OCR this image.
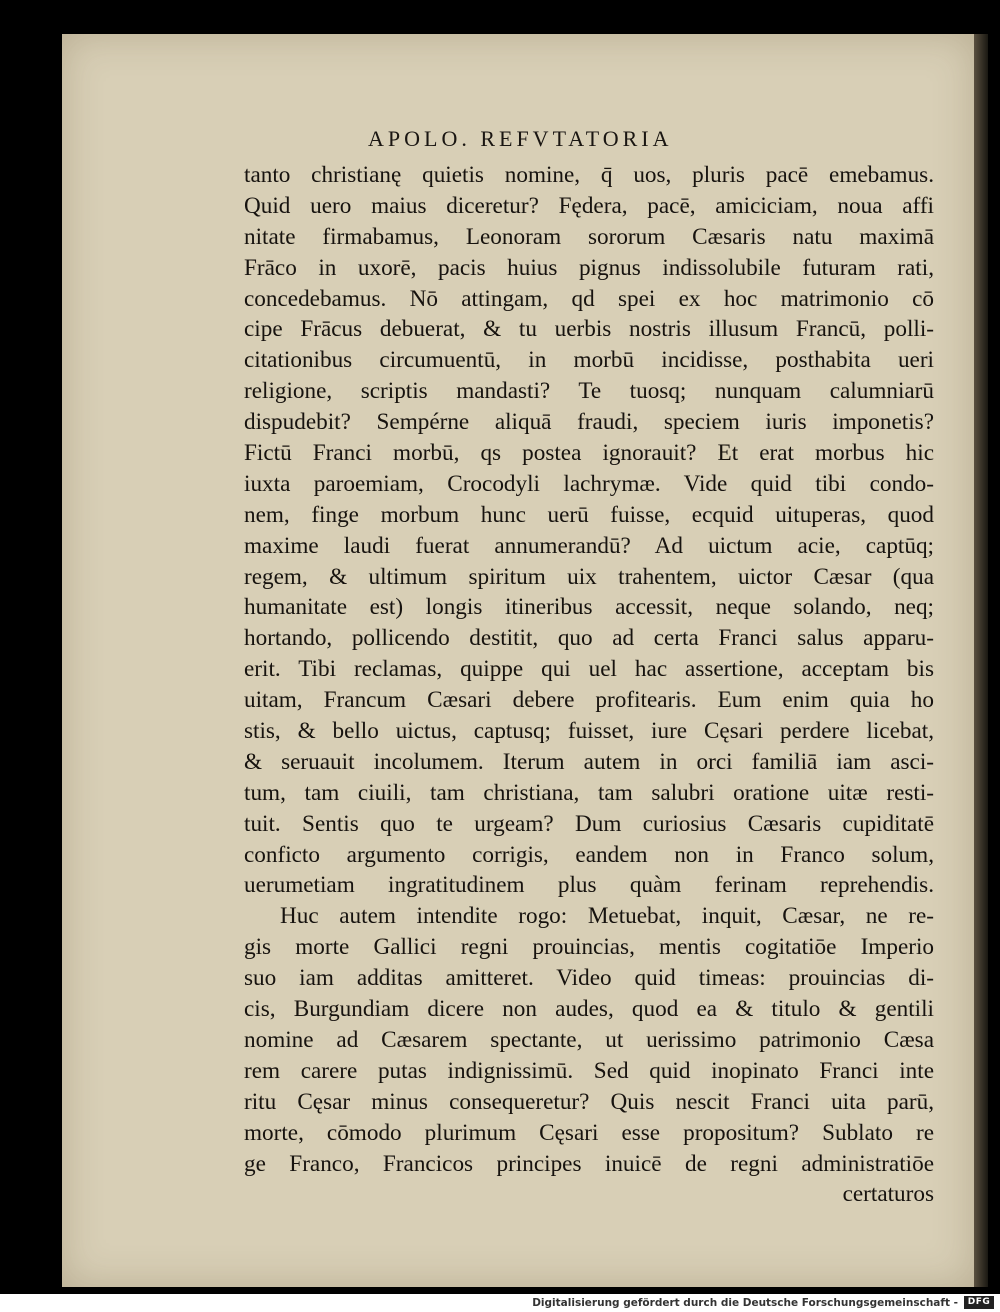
APOLO. REFVTATORIA
tanto christianę quietis nomine, q̄ uos, pluris pacē emebamus.
Quid uero maius diceretur? Fędera, pacē, amiciciam, noua affi
nitate firmabamus, Leonoram sororum Cæsaris natu maximā
Frāco in uxorē, pacis huius pignus indissolubile futuram rati,
concedebamus. Nō attingam, qd spei ex hoc matrimonio cō
cipe Frācus debuerat, & tu uerbis nostris illusum Francū, polli-
citationibus circumuentū, in morbū incidisse, posthabita ueri
religione, scriptis mandasti? Te tuosq; nunquam calumniarū
dispudebit? Sempérne aliquā fraudi, speciem iuris imponetis?
Fictū Franci morbū, qs postea ignorauit? Et erat morbus hic
iuxta paroemiam, Crocodyli lachrymæ. Vide quid tibi condo-
nem, finge morbum hunc uerū fuisse, ecquid uituperas, quod
maxime laudi fuerat annumerandū? Ad uictum acie, captūq;
regem, & ultimum spiritum uix trahentem, uictor Cæsar (qua
humanitate est) longis itineribus accessit, neque solando, neq;
hortando, pollicendo destitit, quo ad certa Franci salus apparu-
erit. Tibi reclamas, quippe qui uel hac assertione, acceptam bis
uitam, Francum Cæsari debere profitearis. Eum enim quia ho
stis, & bello uictus, captusq; fuisset, iure Cęsari perdere licebat,
& seruauit incolumem. Iterum autem in orci familiā iam asci-
tum, tam ciuili, tam christiana, tam salubri oratione uitæ resti-
tuit. Sentis quo te urgeam? Dum curiosius Cæsaris cupiditatē
conficto argumento corrigis, eandem non in Franco solum,
uerumetiam ingratitudinem plus quàm ferinam reprehendis.
Huc autem intendite rogo: Metuebat, inquit, Cæsar, ne re-
gis morte Gallici regni prouincias, mentis cogitatiōe Imperio
suo iam additas amitteret. Video quid timeas: prouincias di-
cis, Burgundiam dicere non audes, quod ea & titulo & gentili
nomine ad Cæsarem spectante, ut uerissimo patrimonio Cæsa
rem carere putas indignissimū. Sed quid inopinato Franci inte
ritu Cęsar minus consequeretur? Quis nescit Franci uita parū,
morte, cōmodo plurimum Cęsari esse propositum? Sublato re
ge Franco, Francicos principes inuicē de regni administratiōe
certaturos
Digitalisierung gefördert durch die Deutsche Forschungsgemeinschaft -	DFG
